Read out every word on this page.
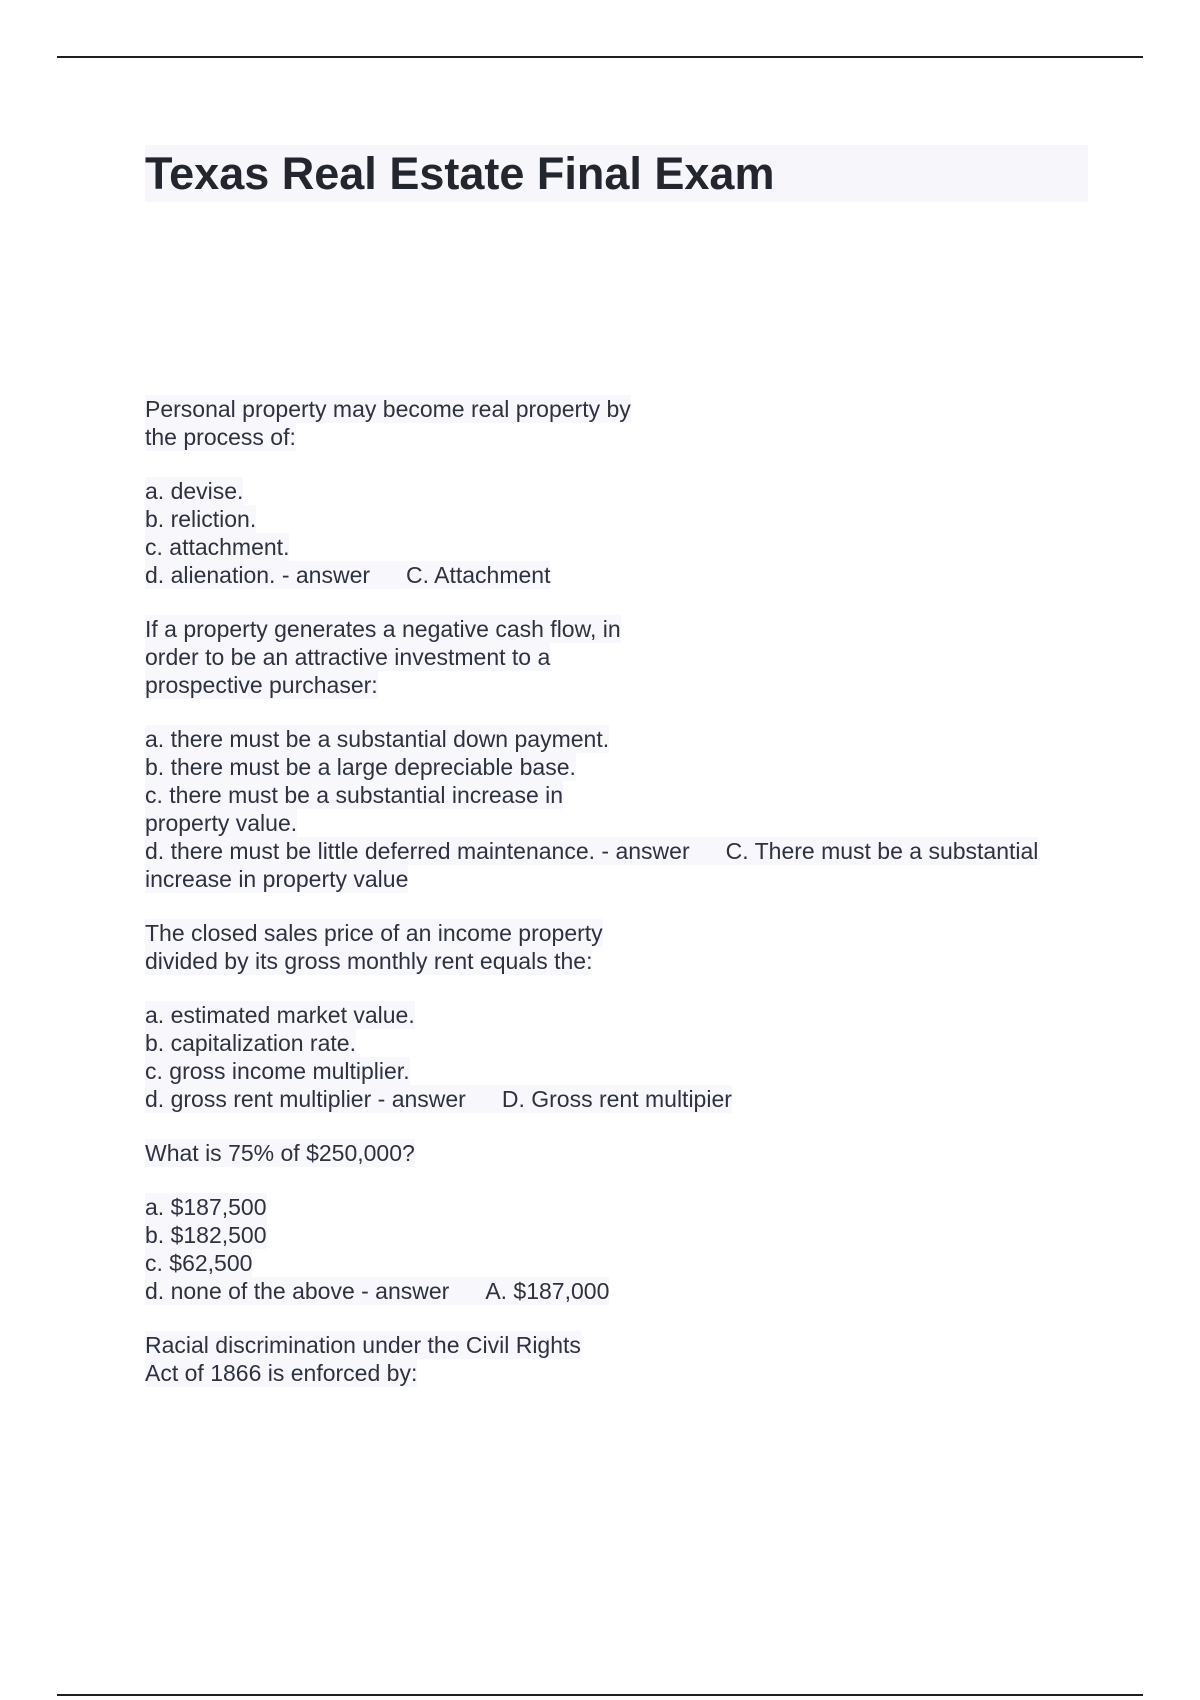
Texas Real Estate Final Exam
Personal property may become real property by
the process of:
a. devise.
b. reliction.
c. attachment.
d. alienation. - answer C. Attachment
If a property generates a negative cash flow, in
order to be an attractive investment to a
prospective purchaser:
a. there must be a substantial down payment.
b. there must be a large depreciable base.
c. there must be a substantial increase in
property value.
d. there must be little deferred maintenance. - answer C. There must be a substantial
increase in property value
The closed sales price of an income property
divided by its gross monthly rent equals the:
a. estimated market value.
b. capitalization rate.
c. gross income multiplier.
d. gross rent multiplier - answer D. Gross rent multipier
What is 75% of $250,000?
a. $187,500
b. $182,500
c. $62,500
d. none of the above - answer A. $187,000
Racial discrimination under the Civil Rights
Act of 1866 is enforced by:
